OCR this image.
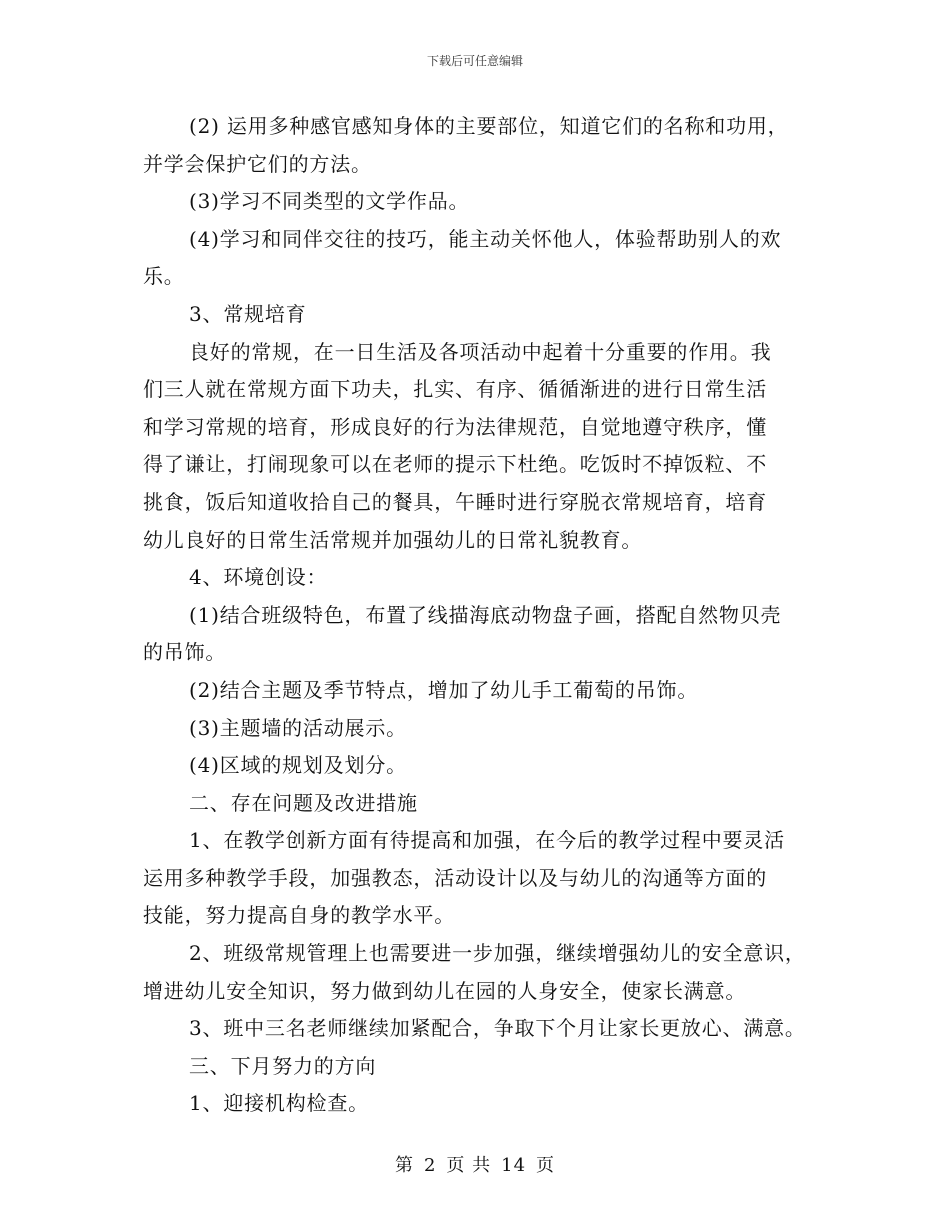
下载后可任意编辑
(2) 运用多种感官感知身体的主要部位，知道它们的名称和功用，
并学会保护它们的方法。
(3)学习不同类型的文学作品。
(4)学习和同伴交往的技巧，能主动关怀他人，体验帮助别人的欢
乐。
3、常规培育
良好的常规，在一日生活及各项活动中起着十分重要的作用。我
们三人就在常规方面下功夫，扎实、有序、循循渐进的进行日常生活
和学习常规的培育，形成良好的行为法律规范，自觉地遵守秩序，懂
得了谦让，打闹现象可以在老师的提示下杜绝。吃饭时不掉饭粒、不
挑食，饭后知道收拾自己的餐具，午睡时进行穿脱衣常规培育，培育
幼儿良好的日常生活常规并加强幼儿的日常礼貌教育。
4、环境创设：
(1)结合班级特色，布置了线描海底动物盘子画，搭配自然物贝壳
的吊饰。
(2)结合主题及季节特点，增加了幼儿手工葡萄的吊饰。
(3)主题墙的活动展示。
(4)区域的规划及划分。
二、存在问题及改进措施
1、在教学创新方面有待提高和加强，在今后的教学过程中要灵活
运用多种教学手段，加强教态，活动设计以及与幼儿的沟通等方面的
技能，努力提高自身的教学水平。
2、班级常规管理上也需要进一步加强，继续增强幼儿的安全意识，
增进幼儿安全知识，努力做到幼儿在园的人身安全，使家长满意。
3、班中三名老师继续加紧配合，争取下个月让家长更放心、满意。
三、下月努力的方向
1、迎接机构检查。
第 2 页 共 14 页
